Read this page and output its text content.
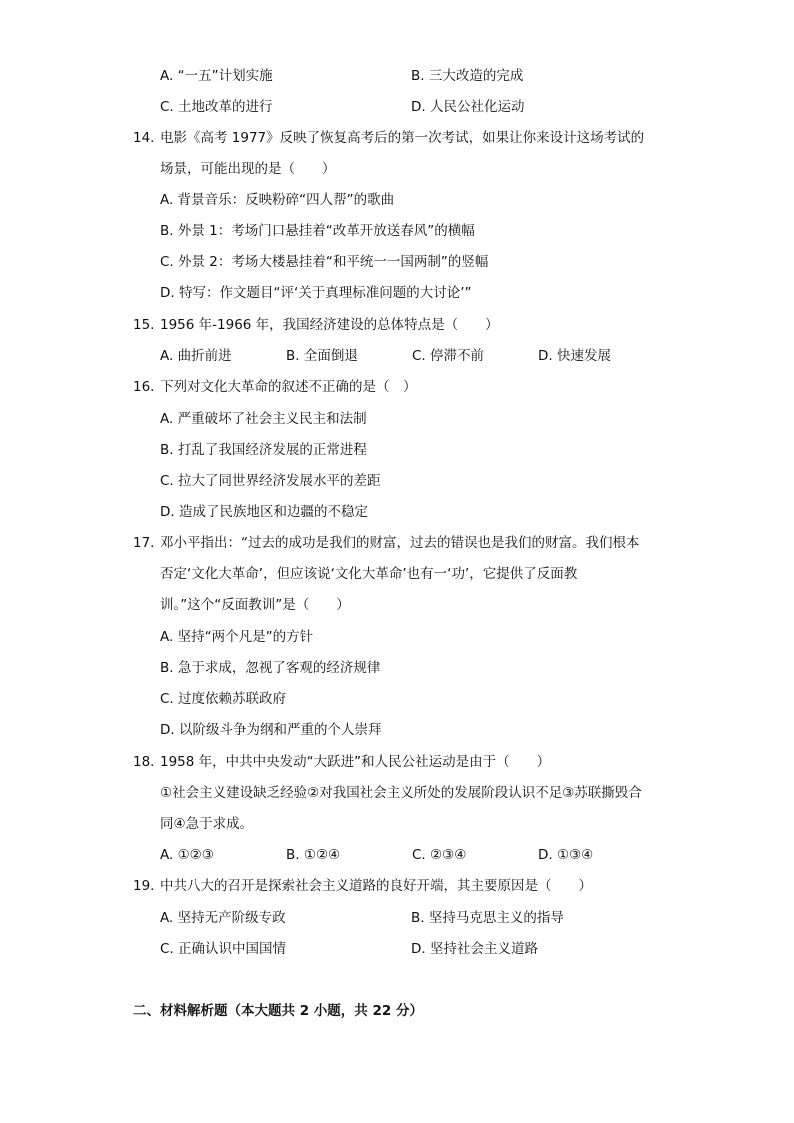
A. “一五”计划实施	B. 三大改造的完成
C. 土地改革的进行	D. 人民公社化运动
14. 电影《高考 1977》反映了恢复高考后的第一次考试，如果让你来设计这场考试的
场景，可能出现的是（　　）
A. 背景音乐：反映粉碎“四人帮”的歌曲
B. 外景 1：考场门口悬挂着“改革开放送春风”的横幅
C. 外景 2：考场大楼悬挂着“和平统一一国两制”的竖幅
D. 特写：作文题目“评‘关于真理标准问题的大讨论’”
15. 1956 年-1966 年，我国经济建设的总体特点是（　　）
A. 曲折前进	B. 全面倒退	C. 停滞不前	D. 快速发展
16. 下列对文化大革命的叙述不正确的是（　）
A. 严重破坏了社会主义民主和法制
B. 打乱了我国经济发展的正常进程
C. 拉大了同世界经济发展水平的差距
D. 造成了民族地区和边疆的不稳定
17. 邓小平指出：“过去的成功是我们的财富，过去的错误也是我们的财富。我们根本
否定‘文化大革命’，但应该说‘文化大革命’也有一‘功’，它提供了反面教
训。”这个“反面教训”是（　　）
A. 坚持“两个凡是”的方针
B. 急于求成，忽视了客观的经济规律
C. 过度依赖苏联政府
D. 以阶级斗争为纲和严重的个人崇拜
18. 1958 年，中共中央发动“大跃进”和人民公社运动是由于（　　）
①社会主义建设缺乏经验②对我国社会主义所处的发展阶段认识不足③苏联撕毁合
同④急于求成。
A. ①②③	B. ①②④	C. ②③④	D. ①③④
19. 中共八大的召开是探索社会主义道路的良好开端，其主要原因是（　　）
A. 坚持无产阶级专政	B. 坚持马克思主义的指导
C. 正确认识中国国情	D. 坚持社会主义道路
二、材料解析题（本大题共 2 小题，共 22 分）
